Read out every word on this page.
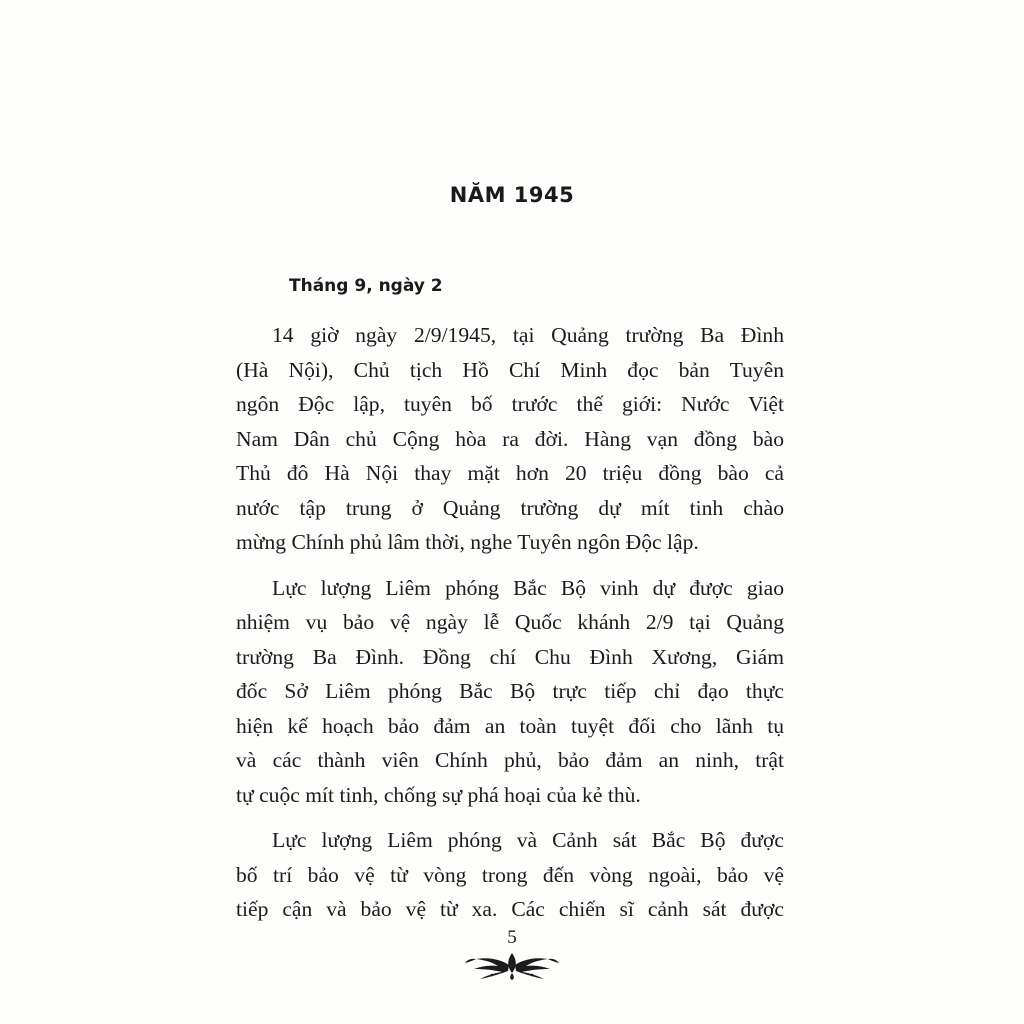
NĂM 1945
Tháng 9, ngày 2
14 giờ ngày 2/9/1945, tại Quảng trường Ba Đình
(Hà Nội), Chủ tịch Hồ Chí Minh đọc bản Tuyên
ngôn Độc lập, tuyên bố trước thế giới: Nước Việt
Nam Dân chủ Cộng hòa ra đời. Hàng vạn đồng bào
Thủ đô Hà Nội thay mặt hơn 20 triệu đồng bào cả
nước tập trung ở Quảng trường dự mít tinh chào
mừng Chính phủ lâm thời, nghe Tuyên ngôn Độc lập.
Lực lượng Liêm phóng Bắc Bộ vinh dự được giao
nhiệm vụ bảo vệ ngày lễ Quốc khánh 2/9 tại Quảng
trường Ba Đình. Đồng chí Chu Đình Xương, Giám
đốc Sở Liêm phóng Bắc Bộ trực tiếp chỉ đạo thực
hiện kế hoạch bảo đảm an toàn tuyệt đối cho lãnh tụ
và các thành viên Chính phủ, bảo đảm an ninh, trật
tự cuộc mít tinh, chống sự phá hoại của kẻ thù.
Lực lượng Liêm phóng và Cảnh sát Bắc Bộ được
bố trí bảo vệ từ vòng trong đến vòng ngoài, bảo vệ
tiếp cận và bảo vệ từ xa. Các chiến sĩ cảnh sát được
5
